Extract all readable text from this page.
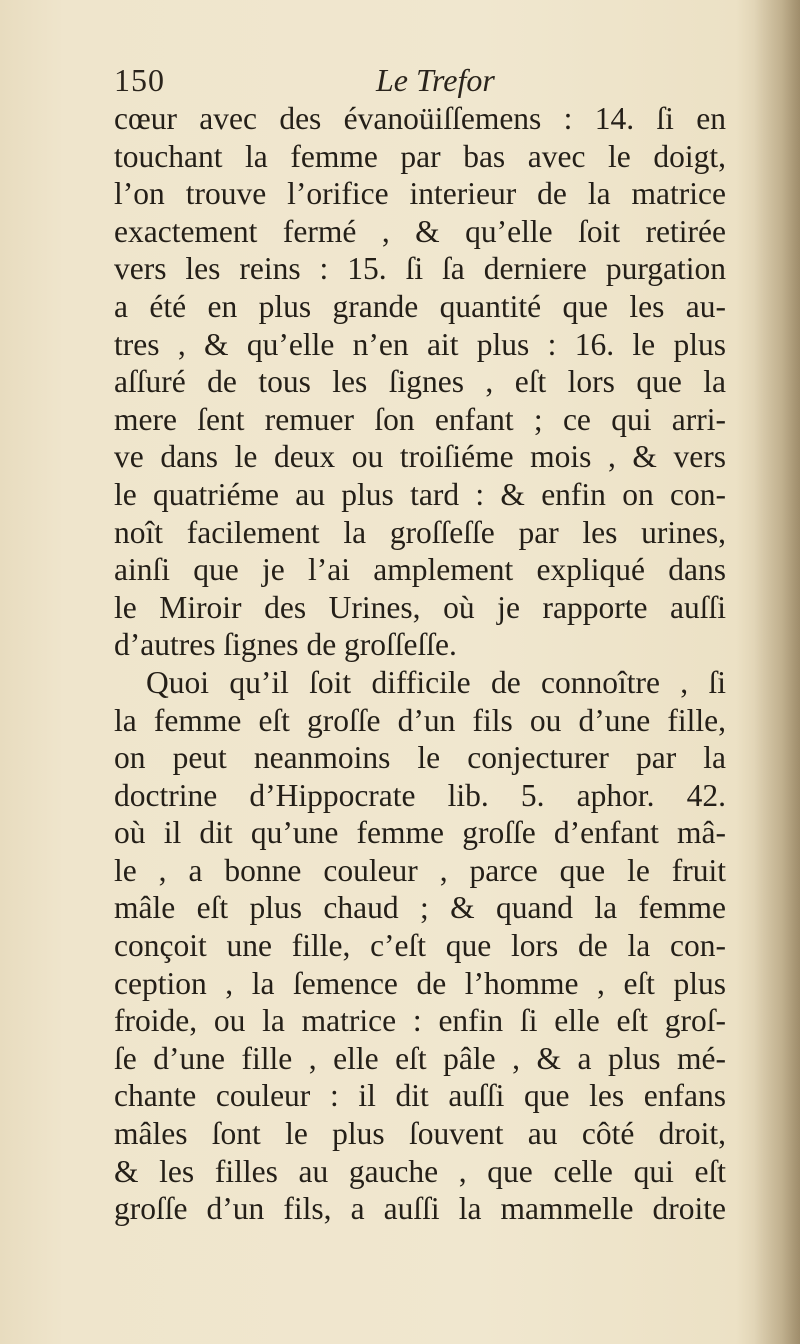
150	Le Trefor
cœur avec des évanoüiſſemens : 14. ſi en
touchant la femme par bas avec le doigt,
l’on trouve l’orifice interieur de la matrice
exactement fermé , & qu’elle ſoit retirée
vers les reins : 15. ſi ſa derniere purgation
a été en plus grande quantité que les au-
tres , & qu’elle n’en ait plus : 16. le plus
aſſuré de tous les ſignes , eſt lors que la
mere ſent remuer ſon enfant ; ce qui arri-
ve dans le deux ou troiſiéme mois , & vers
le quatriéme au plus tard : & enfin on con-
noît facilement la groſſeſſe par les urines,
ainſi que je l’ai amplement expliqué dans
le Miroir des Urines, où je rapporte auſſi
d’autres ſignes de groſſeſſe.
Quoi qu’il ſoit difficile de connoître , ſi
la femme eſt groſſe d’un fils ou d’une fille,
on peut neanmoins le conjecturer par la
doctrine d’Hippocrate lib. 5. aphor. 42.
où il dit qu’une femme groſſe d’enfant mâ-
le , a bonne couleur , parce que le fruit
mâle eſt plus chaud ; & quand la femme
conçoit une fille, c’eſt que lors de la con-
ception , la ſemence de l’homme , eſt plus
froide, ou la matrice : enfin ſi elle eſt groſ-
ſe d’une fille , elle eſt pâle , & a plus mé-
chante couleur : il dit auſſi que les enfans
mâles ſont le plus ſouvent au côté droit,
& les filles au gauche , que celle qui eſt
groſſe d’un fils, a auſſi la mammelle droite
